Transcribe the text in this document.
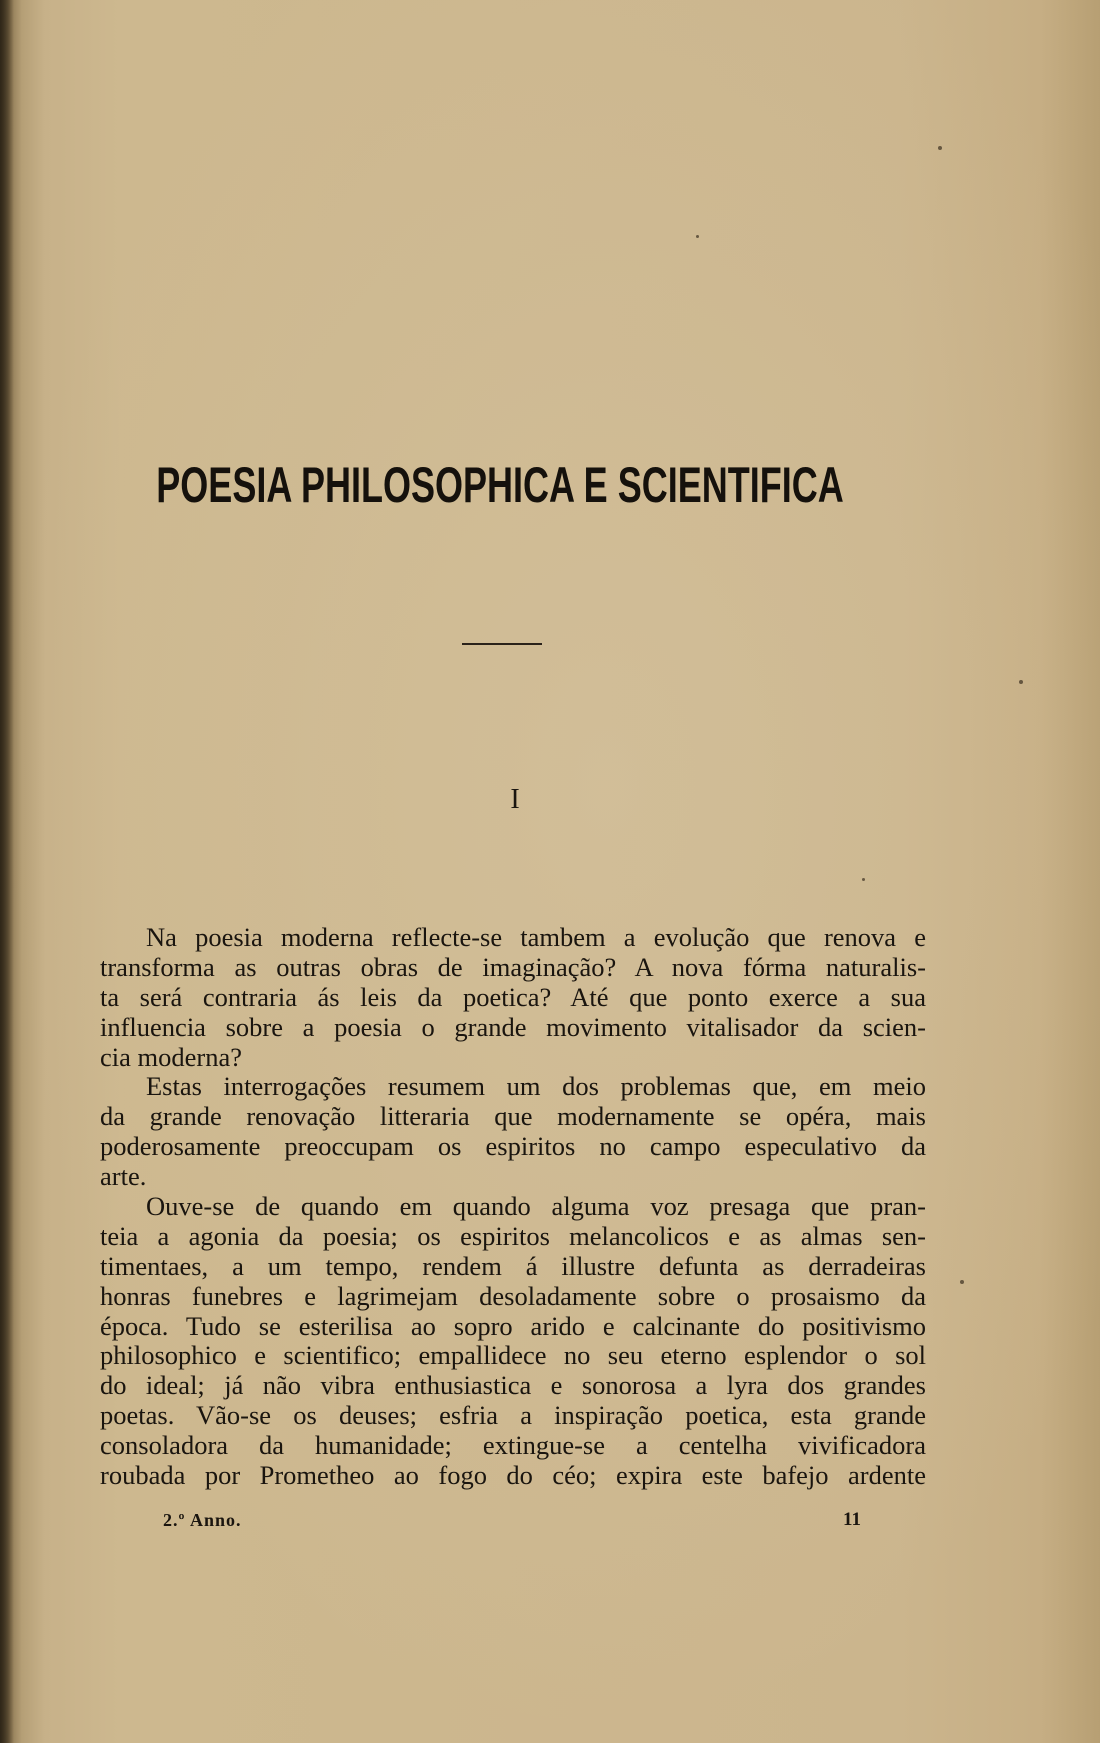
POESIA PHILOSOPHICA E SCIENTIFICA
I
Na poesia moderna reflecte-se tambem a evolução que renova e
transforma as outras obras de imaginação? A nova fórma naturalis-
ta será contraria ás leis da poetica? Até que ponto exerce a sua
influencia sobre a poesia o grande movimento vitalisador da scien-
cia moderna?
Estas interrogações resumem um dos problemas que, em meio
da grande renovação litteraria que modernamente se opéra, mais
poderosamente preoccupam os espiritos no campo especulativo da
arte.
Ouve-se de quando em quando alguma voz presaga que pran-
teia a agonia da poesia; os espiritos melancolicos e as almas sen-
timentaes, a um tempo, rendem á illustre defunta as derradeiras
honras funebres e lagrimejam desoladamente sobre o prosaismo da
época. Tudo se esterilisa ao sopro arido e calcinante do positivismo
philosophico e scientifico; empallidece no seu eterno esplendor o sol
do ideal; já não vibra enthusiastica e sonorosa a lyra dos grandes
poetas. Vão-se os deuses; esfria a inspiração poetica, esta grande
consoladora da humanidade; extingue-se a centelha vivificadora
roubada por Prometheo ao fogo do céo; expira este bafejo ardente
2.º Anno.	11
